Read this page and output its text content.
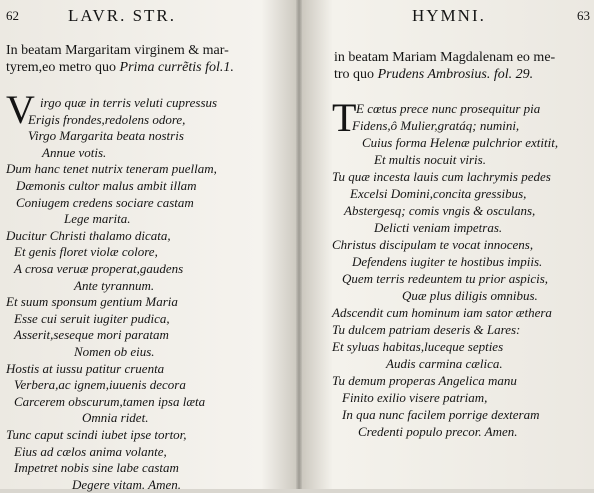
62	LAVR. STR.
In beatam Margaritam virginem & mar-
tyrem,eo metro quo Prima currẽtis fol.1.
V irgo quæ in terris veluti cupressus
Erigis frondes,redolens odore,
Virgo Margarita beata nostris
Annue votis.
Dum hanc tenet nutrix teneram puellam,
Dæmonis cultor malus ambit illam
Coniugem credens sociare castam
Lege marita.
Ducitur Christi thalamo dicata,
Et genis floret violæ colore,
A crosa veruæ properat,gaudens
Ante tyrannum.
Et suum sponsum gentium Maria
Esse cui seruit iugiter pudica,
Asserit,seseque mori paratam
Nomen ob eius.
Hostis at iussu patitur cruenta
Verbera,ac ignem,iuuenis decora
Carcerem obscurum,tamen ipsa læta
Omnia ridet.
Tunc caput scindi iubet ipse tortor,
Eius ad cælos anima volante,
Impetret nobis sine labe castam
Degere vitam. Amen.
HYMNI.	63
in beatam Mariam Magdalenam eo me-
tro quo Prudens Ambrosius. fol. 29.
T E cœtus prece nunc prosequitur pia
Fidens,ô Mulier,gratáq; numini,
Cuius forma Helenæ pulchrior extitit,
Et multis nocuit viris.
Tu quæ incesta lauis cum lachrymis pedes
Excelsi Domini,concita gressibus,
Abstergesq; comis vngis & osculans,
Delicti veniam impetras.
Christus discipulam te vocat innocens,
Defendens iugiter te hostibus impiis.
Quem terris redeuntem tu prior aspicis,
Quæ plus diligis omnibus.
Adscendit cum hominum iam sator æthera
Tu dulcem patriam deseris & Lares:
Et syluas habitas,luceque septies
Audis carmina cælica.
Tu demum properas Angelica manu
Finito exilio visere patriam,
In qua nunc facilem porrige dexteram
Credenti populo precor. Amen.
